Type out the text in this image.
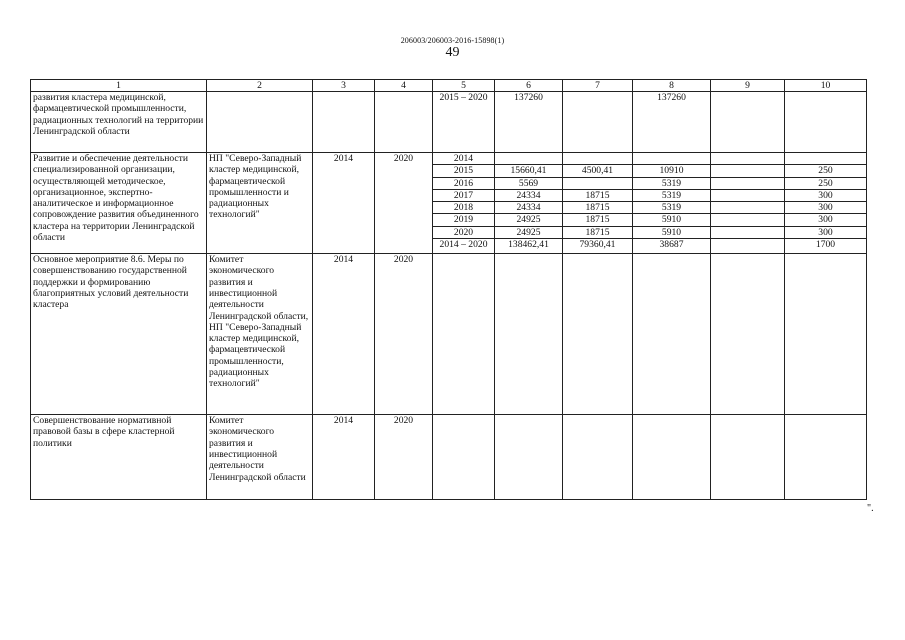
206003/206003-2016-15898(1)
49
1	2	3	4	5	6	7	8	9	10
развития кластера медицинской, фармацевтической промышленности, радиационных технологий на территории Ленинградской области				2015 – 2020	137260		137260		
Развитие и обеспечение деятельности специализированной организации, осуществляющей методическое, организационное, экспертно-аналитическое и информационное сопровождение развития объединенного кластера на территории Ленинградской области	НП "Северо-Западный кластер медицинской, фармацевтической промышленности и радиационных технологий"	2014	2020	2014					
				2015	15660,41	4500,41	10910		250
				2016	5569		5319		250
				2017	24334	18715	5319		300
				2018	24334	18715	5319		300
				2019	24925	18715	5910		300
				2020	24925	18715	5910		300
				2014 – 2020	138462,41	79360,41	38687		1700
Основное мероприятие 8.6. Меры по совершенствованию государственной поддержки и формированию благоприятных условий деятельности кластера	Комитет экономического развития и инвестиционной деятельности Ленинградской области, НП "Северо-Западный кластер медицинской, фармацевтической промышленности, радиационных технологий"	2014	2020						
Совершенствование нормативной правовой базы в сфере кластерной политики	Комитет экономического развития и инвестиционной деятельности Ленинградской области	2014	2020						
".
